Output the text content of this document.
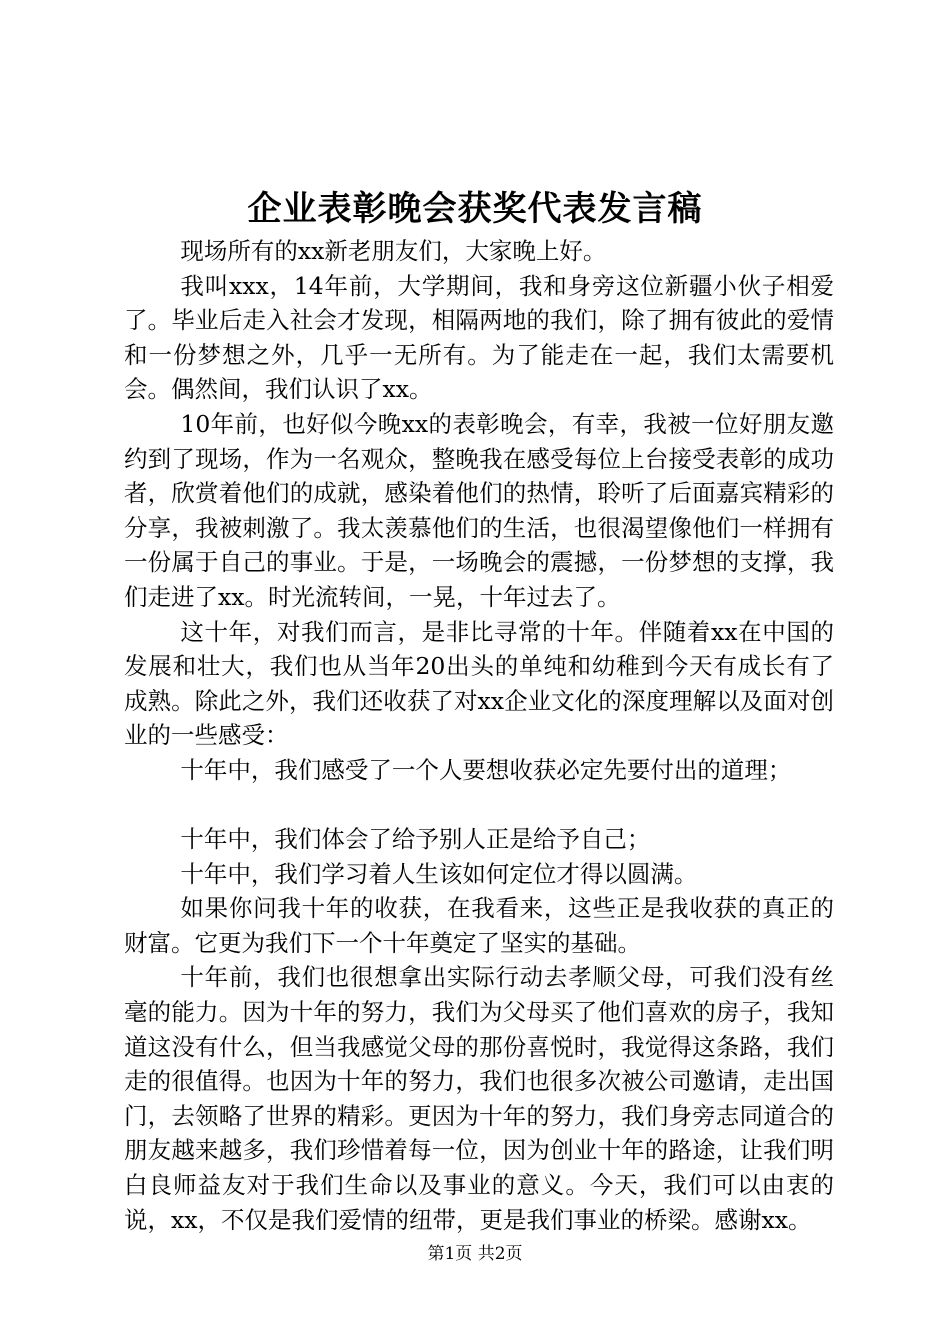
企业表彰晚会获奖代表发言稿

现场所有的xx新老朋友们，大家晚上好。

我叫xxx，14年前，大学期间，我和身旁这位新疆小伙子相爱了。毕业后走入社会才发现，相隔两地的我们，除了拥有彼此的爱情和一份梦想之外，几乎一无所有。为了能走在一起，我们太需要机会。偶然间，我们认识了xx。

10年前，也好似今晚xx的表彰晚会，有幸，我被一位好朋友邀约到了现场，作为一名观众，整晚我在感受每位上台接受表彰的成功者，欣赏着他们的成就，感染着他们的热情，聆听了后面嘉宾精彩的分享，我被刺激了。我太羡慕他们的生活，也很渴望像他们一样拥有一份属于自己的事业。于是，一场晚会的震撼，一份梦想的支撑，我们走进了xx。时光流转间，一晃，十年过去了。

这十年，对我们而言，是非比寻常的十年。伴随着xx在中国的发展和壮大，我们也从当年20出头的单纯和幼稚到今天有成长有了成熟。除此之外，我们还收获了对xx企业文化的深度理解以及面对创业的一些感受：

十年中，我们感受了一个人要想收获必定先要付出的道理；

十年中，我们体会了给予别人正是给予自己；

十年中，我们学习着人生该如何定位才得以圆满。

如果你问我十年的收获，在我看来，这些正是我收获的真正的财富。它更为我们下一个十年奠定了坚实的基础。

十年前，我们也很想拿出实际行动去孝顺父母，可我们没有丝毫的能力。因为十年的努力，我们为父母买了他们喜欢的房子，我知道这没有什么，但当我感觉父母的那份喜悦时，我觉得这条路，我们走的很值得。也因为十年的努力，我们也很多次被公司邀请，走出国门，去领略了世界的精彩。更因为十年的努力，我们身旁志同道合的朋友越来越多，我们珍惜着每一位，因为创业十年的路途，让我们明白良师益友对于我们生命以及事业的意义。今天，我们可以由衷的说，xx，不仅是我们爱情的纽带，更是我们事业的桥梁。感谢xx。

第1页 共2页
